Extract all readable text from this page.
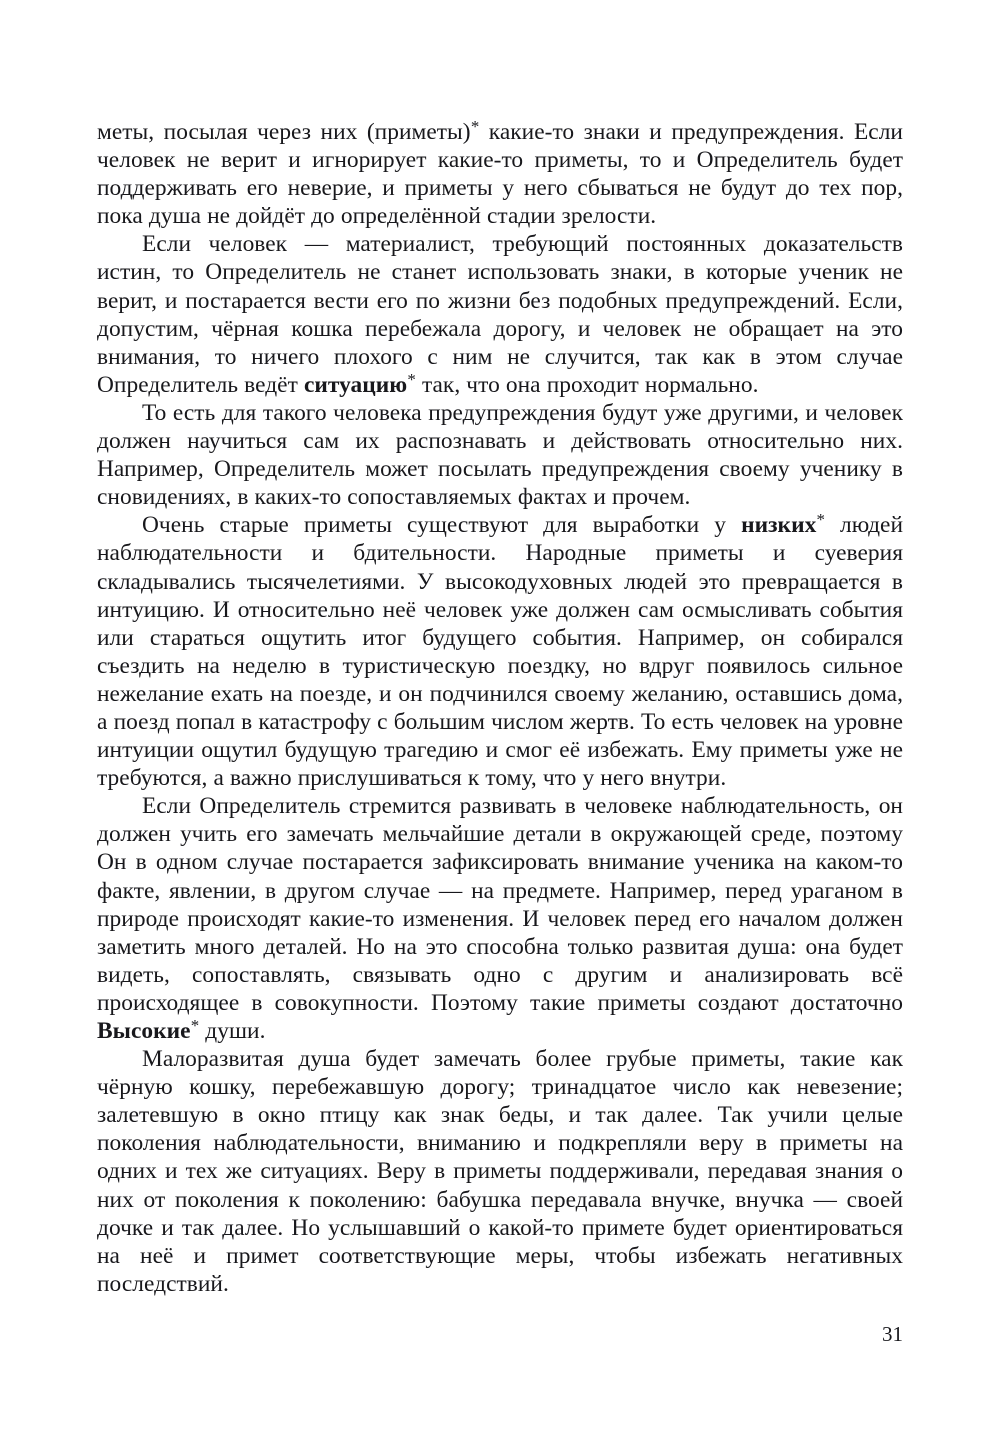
меты, посылая через них (приметы)* какие-то знаки и предупреждения. Если человек не верит и игнорирует какие-то приметы, то и Определитель будет поддерживать его неверие, и приметы у него сбываться не будут до тех пор, пока душа не дойдёт до определённой стадии зрелости.

Если человек — материалист, требующий постоянных доказательств истин, то Определитель не станет использовать знаки, в которые ученик не верит, и постарается вести его по жизни без подобных предупреждений. Если, допустим, чёрная кошка перебежала дорогу, и человек не обращает на это внимания, то ничего плохого с ним не случится, так как в этом случае Определитель ведёт ситуацию* так, что она проходит нормально.

То есть для такого человека предупреждения будут уже другими, и человек должен научиться сам их распознавать и действовать относительно них. Например, Определитель может посылать предупреждения своему ученику в сновидениях, в каких-то сопоставляемых фактах и прочем.

Очень старые приметы существуют для выработки у низких* людей наблюдательности и бдительности. Народные приметы и суеверия складывались тысячелетиями. У высокодуховных людей это превращается в интуицию. И относительно неё человек уже должен сам осмысливать события или стараться ощутить итог будущего события. Например, он собирался съездить на неделю в туристическую поездку, но вдруг появилось сильное нежелание ехать на поезде, и он подчинился своему желанию, оставшись дома, а поезд попал в катастрофу с большим числом жертв. То есть человек на уровне интуиции ощутил будущую трагедию и смог её избежать. Ему приметы уже не требуются, а важно прислушиваться к тому, что у него внутри.

Если Определитель стремится развивать в человеке наблюдательность, он должен учить его замечать мельчайшие детали в окружающей среде, поэтому Он в одном случае постарается зафиксировать внимание ученика на каком-то факте, явлении, в другом случае — на предмете. Например, перед ураганом в природе происходят какие-то изменения. И человек перед его началом должен заметить много деталей. Но на это способна только развитая душа: она будет видеть, сопоставлять, связывать одно с другим и анализировать всё происходящее в совокупности. Поэтому такие приметы создают достаточно Высокие* души.

Малоразвитая душа будет замечать более грубые приметы, такие как чёрную кошку, перебежавшую дорогу; тринадцатое число как невезение; залетевшую в окно птицу как знак беды, и так далее. Так учили целые поколения наблюдательности, вниманию и подкрепляли веру в приметы на одних и тех же ситуациях. Веру в приметы поддерживали, передавая знания о них от поколения к поколению: бабушка передавала внучке, внучка — своей дочке и так далее. Но услышавший о какой-то примете будет ориентироваться на неё и примет соответствующие меры, чтобы избежать негативных последствий.

31
